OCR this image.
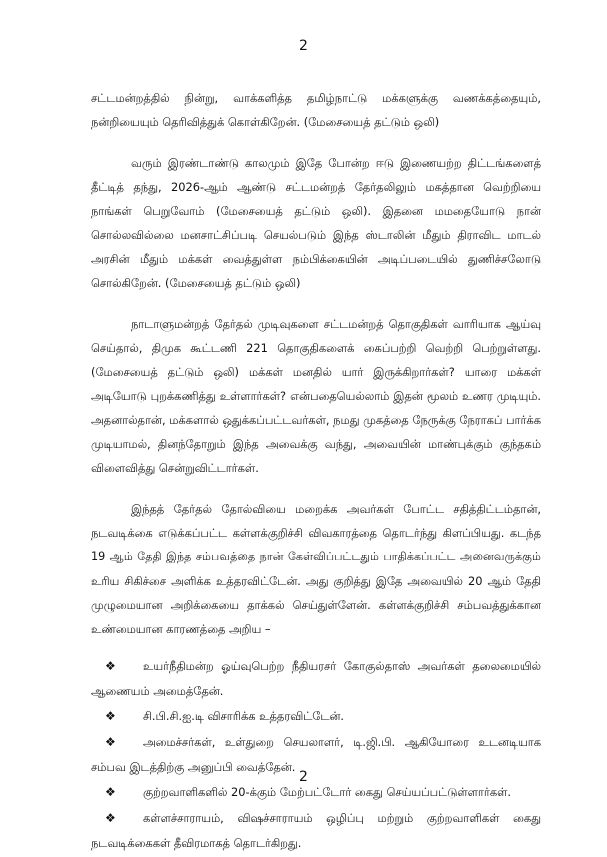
2
சட்டமன்றத்தில் நின்று, வாக்களித்த தமிழ்நாட்டு மக்களுக்கு வணக்கத்தையும்,
நன்றியையும் தெரிவித்துக் கொள்கிறேன். (மேசையைத் தட்டும் ஒலி)
வரும் இரண்டாண்டு காலமும் இதே போன்ற ஈடு இணையற்ற திட்டங்களைத்
தீட்டித் தந்து, 2026-ஆம் ஆண்டு சட்டமன்றத் தேர்தலிலும் மகத்தான வெற்றியை
நாங்கள் பெறுவோம் (மேசையைத் தட்டும் ஒலி). இதனை மமதையோடு நான்
சொல்லவில்லை மனசாட்சிப்படி செயல்படும் இந்த ஸ்டாலின் மீதும் திராவிட மாடல்
அரசின் மீதும் மக்கள் வைத்துள்ள நம்பிக்கையின் அடிப்படையில் துணிச்சலோடு
சொல்கிறேன். (மேசையைத் தட்டும் ஒலி)
நாடாளுமன்றத் தேர்தல் முடிவுகளை சட்டமன்றத் தொகுதிகள் வாரியாக ஆய்வு
செய்தால், திமுக கூட்டணி 221 தொகுதிகளைக் கைப்பற்றி வெற்றி பெற்றுள்ளது.
(மேசையைத் தட்டும் ஒலி) மக்கள் மனதில் யார் இருக்கிறார்கள்? யாரை மக்கள்
அடியோடு புறக்கணித்து உள்ளார்கள்? என்பதையெல்லாம் இதன் மூலம் உணர முடியும்.
அதனால்தான், மக்களால் ஒதுக்கப்பட்டவர்கள், நமது முகத்தை நேருக்கு நேராகப் பார்க்க
முடியாமல், தினந்தோறும் இந்த அவைக்கு வந்து, அவையின் மாண்புக்கும் குந்தகம்
விளைவித்து சென்றுவிட்டார்கள்.
இந்தத் தேர்தல் தோல்வியை மறைக்க அவர்கள் போட்ட சதித்திட்டம்தான்,
நடவடிக்கை எடுக்கப்பட்ட கள்ளக்குறிச்சி விவகாரத்தை தொடர்ந்து கிளப்பியது. கடந்த
19 ஆம் தேதி இந்த சம்பவத்தை நான் கேள்விப்பட்டதும் பாதிக்கப்பட்ட அனைவருக்கும்
உரிய சிகிச்சை அளிக்க உத்தரவிட்டேன். அது குறித்து இதே அவையில் 20 ஆம் தேதி
முழுமையான அறிக்கையை தாக்கல் செய்துள்ளேன். கள்ளக்குறிச்சி சம்பவத்துக்கான
உண்மையான காரணத்தை அறிய –
❖	உயர்நீதிமன்ற ஓய்வுபெற்ற நீதியரசர் கோகுல்தாஸ் அவர்கள் தலைமையில்
ஆணையம் அமைத்தேன்.
❖	சி.பி.சி.ஐ.டி விசாரிக்க உத்தரவிட்டேன்.
❖	அமைச்சர்கள், உள்துறை செயலாளர், டி.ஜி.பி. ஆகியோரை உடனடியாக
சம்பவ இடத்திற்கு அனுப்பி வைத்தேன்.
❖	குற்றவாளிகளில் 20-க்கும் மேற்பட்டோர் கைது செய்யப்பட்டுள்ளார்கள்.
❖	கள்ளச்சாராயம், விஷச்சாராயம் ஒழிப்பு மற்றும் குற்றவாளிகள் கைது
நடவடிக்கைகள் தீவிரமாகத் தொடர்கிறது.
2
